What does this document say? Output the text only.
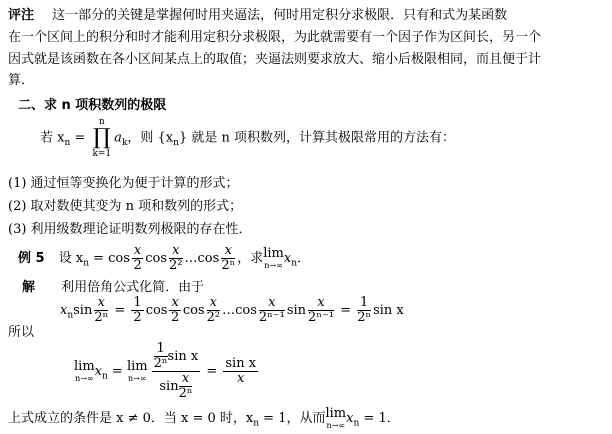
评注 这一部分的关键是掌握何时用夹逼法，何时用定积分求极限．只有和式为某函数
在一个区间上的积分和时才能利用定积分求极限，为此就需要有一个因子作为区间长，另一个
因式就是该函数在各小区间某点上的取值；夹逼法则要求放大、缩小后极限相同，而且便于计
算．
二、求 n 项积数列的极限
若 $x_n$ =
n
∏
k=1
$a_k$，则 $\{x_n\}$ 就是 n 项积数列，计算其极限常用的方法有：
(1) 通过恒等变换化为便于计算的形式；
(2) 取对数使其变为 n 项和数列的形式；
(3) 利用级数理论证明数列极限的存在性．
例 5 设 $x_n = \cos \frac{x}{2}$ $\cos \frac{x}{\text{2²}}$ …cos $\frac{x}{\text{2ⁿ}}$ ，求 lim
n→∞ $x_n$．
解 利用倍角公式化简．由于
$x_n\sin \frac{x}{\text{2ⁿ}} = \frac{1}{2}$ $\cos \frac{x}{2}$ $\cos \frac{x}{\text{2²}}$ …cos $\frac{x}{\text{2ⁿ⁻¹}}$ $\sin \frac{x}{\text{2ⁿ⁻¹}} = \frac{1}{\text{2ⁿ}}$ sin x
所以
lim
n→∞ $x_n = \lim$
$n\to\infty \frac{\frac{1}{\text{2ⁿ}} \sin x}{\sin \frac{x}{\text{2ⁿ}}} = \frac{\text{sin x}}{x}$
上式成立的条件是 x ≠ 0．当 x = 0 时，$x_n = 1$，从而 lim
n→∞ $x_n = 1$．
